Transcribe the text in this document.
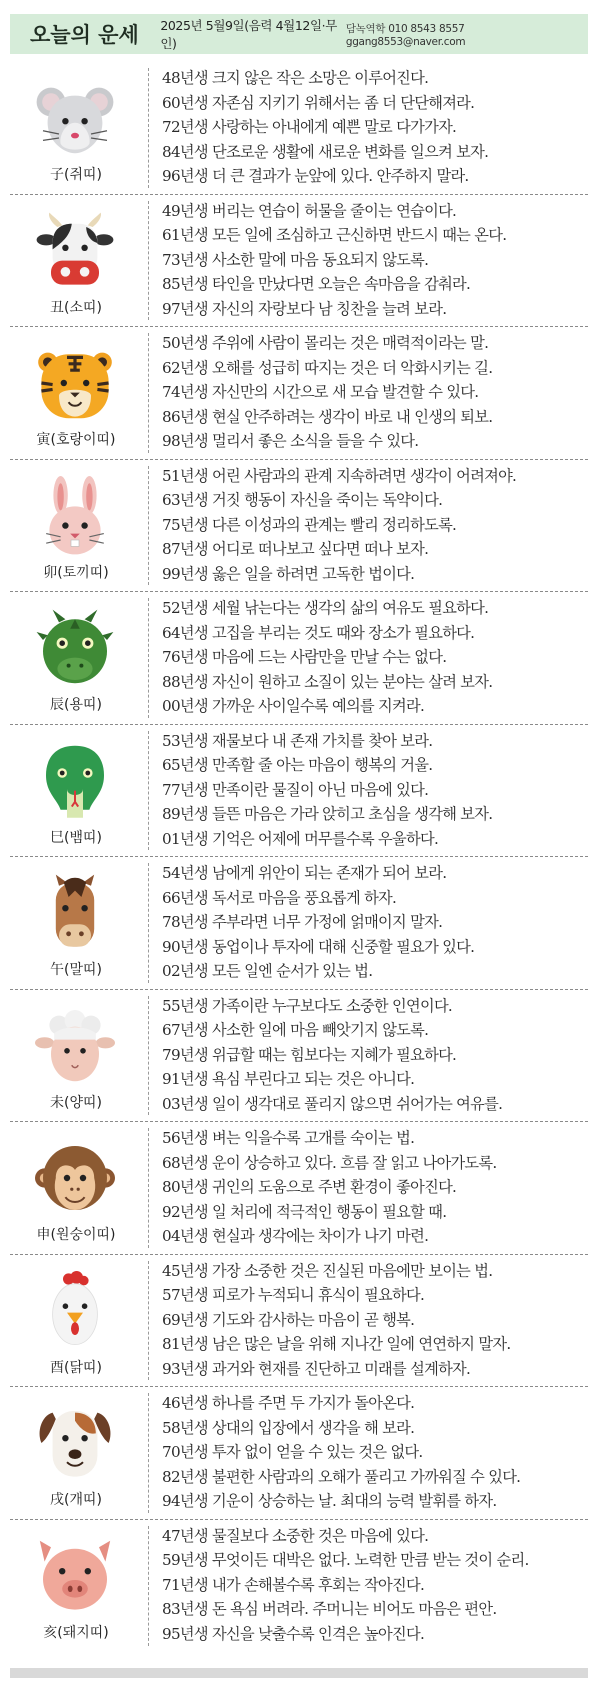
오늘의 운세	2025년 5월9일(음력 4월12일·무인)
담녹역학 010 8543 8557 ggang8553@naver.com
子(쥐띠)
48년생 크지 않은 작은 소망은 이루어진다.
60년생 자존심 지키기 위해서는 좀 더 단단해져라.
72년생 사랑하는 아내에게 예쁜 말로 다가가자.
84년생 단조로운 생활에 새로운 변화를 일으켜 보자.
96년생 더 큰 결과가 눈앞에 있다. 안주하지 말라.
丑(소띠)
49년생 버리는 연습이 허물을 줄이는 연습이다.
61년생 모든 일에 조심하고 근신하면 반드시 때는 온다.
73년생 사소한 말에 마음 동요되지 않도록.
85년생 타인을 만났다면 오늘은 속마음을 감춰라.
97년생 자신의 자랑보다 남 칭찬을 늘려 보라.
寅(호랑이띠)
50년생 주위에 사람이 몰리는 것은 매력적이라는 말.
62년생 오해를 성급히 따지는 것은 더 악화시키는 길.
74년생 자신만의 시간으로 새 모습 발견할 수 있다.
86년생 현실 안주하려는 생각이 바로 내 인생의 퇴보.
98년생 멀리서 좋은 소식을 들을 수 있다.
卯(토끼띠)
51년생 어린 사람과의 관계 지속하려면 생각이 어려져야.
63년생 거짓 행동이 자신을 죽이는 독약이다.
75년생 다른 이성과의 관계는 빨리 정리하도록.
87년생 어디로 떠나보고 싶다면 떠나 보자.
99년생 옳은 일을 하려면 고독한 법이다.
辰(용띠)
52년생 세월 낚는다는 생각의 삶의 여유도 필요하다.
64년생 고집을 부리는 것도 때와 장소가 필요하다.
76년생 마음에 드는 사람만을 만날 수는 없다.
88년생 자신이 원하고 소질이 있는 분야는 살려 보자.
00년생 가까운 사이일수록 예의를 지켜라.
巳(뱀띠)
53년생 재물보다 내 존재 가치를 찾아 보라.
65년생 만족할 줄 아는 마음이 행복의 거울.
77년생 만족이란 물질이 아닌 마음에 있다.
89년생 들뜬 마음은 가라 앉히고 초심을 생각해 보자.
01년생 기억은 어제에 머무를수록 우울하다.
午(말띠)
54년생 남에게 위안이 되는 존재가 되어 보라.
66년생 독서로 마음을 풍요롭게 하자.
78년생 주부라면 너무 가정에 얽매이지 말자.
90년생 동업이나 투자에 대해 신중할 필요가 있다.
02년생 모든 일엔 순서가 있는 법.
未(양띠)
55년생 가족이란 누구보다도 소중한 인연이다.
67년생 사소한 일에 마음 빼앗기지 않도록.
79년생 위급할 때는 힘보다는 지혜가 필요하다.
91년생 욕심 부린다고 되는 것은 아니다.
03년생 일이 생각대로 풀리지 않으면 쉬어가는 여유를.
申(원숭이띠)
56년생 벼는 익을수록 고개를 숙이는 법.
68년생 운이 상승하고 있다. 흐름 잘 읽고 나아가도록.
80년생 귀인의 도움으로 주변 환경이 좋아진다.
92년생 일 처리에 적극적인 행동이 필요할 때.
04년생 현실과 생각에는 차이가 나기 마련.
酉(닭띠)
45년생 가장 소중한 것은 진실된 마음에만 보이는 법.
57년생 피로가 누적되니 휴식이 필요하다.
69년생 기도와 감사하는 마음이 곧 행복.
81년생 남은 많은 날을 위해 지나간 일에 연연하지 말자.
93년생 과거와 현재를 진단하고 미래를 설계하자.
戌(개띠)
46년생 하나를 주면 두 가지가 돌아온다.
58년생 상대의 입장에서 생각을 해 보라.
70년생 투자 없이 얻을 수 있는 것은 없다.
82년생 불편한 사람과의 오해가 풀리고 가까워질 수 있다.
94년생 기운이 상승하는 날. 최대의 능력 발휘를 하자.
亥(돼지띠)
47년생 물질보다 소중한 것은 마음에 있다.
59년생 무엇이든 대박은 없다. 노력한 만큼 받는 것이 순리.
71년생 내가 손해볼수록 후회는 작아진다.
83년생 돈 욕심 버려라. 주머니는 비어도 마음은 편안.
95년생 자신을 낮출수록 인격은 높아진다.
